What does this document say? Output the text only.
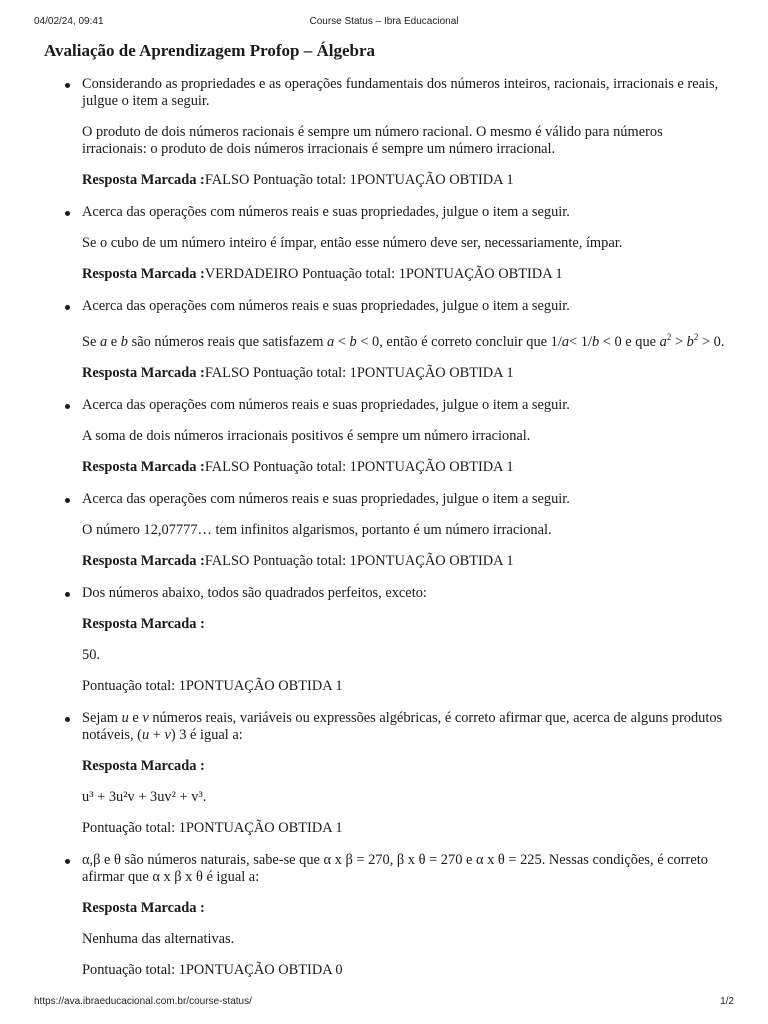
04/02/24, 09:41	Course Status – Ibra Educacional
Avaliação de Aprendizagem Profop – Álgebra

Considerando as propriedades e as operações fundamentais dos números inteiros, racionais, irracionais e reais, julgue o item a seguir.

O produto de dois números racionais é sempre um número racional. O mesmo é válido para números irracionais: o produto de dois números irracionais é sempre um número irracional.

Resposta Marcada :FALSO Pontuação total: 1PONTUAÇÃO OBTIDA 1

Acerca das operações com números reais e suas propriedades, julgue o item a seguir.

Se o cubo de um número inteiro é ímpar, então esse número deve ser, necessariamente, ímpar.

Resposta Marcada :VERDADEIRO Pontuação total: 1PONTUAÇÃO OBTIDA 1

Acerca das operações com números reais e suas propriedades, julgue o item a seguir.

Se a e b são números reais que satisfazem a < b < 0, então é correto concluir que 1/a< 1/b < 0 e que $a^2 > b^2 > 0$.

Resposta Marcada :FALSO Pontuação total: 1PONTUAÇÃO OBTIDA 1

Acerca das operações com números reais e suas propriedades, julgue o item a seguir.

A soma de dois números irracionais positivos é sempre um número irracional.

Resposta Marcada :FALSO Pontuação total: 1PONTUAÇÃO OBTIDA 1

Acerca das operações com números reais e suas propriedades, julgue o item a seguir.

O número 12,07777… tem infinitos algarismos, portanto é um número irracional.

Resposta Marcada :FALSO Pontuação total: 1PONTUAÇÃO OBTIDA 1

Dos números abaixo, todos são quadrados perfeitos, exceto:

Resposta Marcada :

50.

Pontuação total: 1PONTUAÇÃO OBTIDA 1

Sejam u e v números reais, variáveis ou expressões algébricas, é correto afirmar que, acerca de alguns produtos notáveis, (u + v) 3 é igual a:

Resposta Marcada :

u³ + 3u²v + 3uv² + v³.

Pontuação total: 1PONTUAÇÃO OBTIDA 1

α,β e θ são números naturais, sabe-se que α x β = 270, β x θ = 270 e α x θ = 225. Nessas condições, é correto afirmar que α x β x θ é igual a:

Resposta Marcada :

Nenhuma das alternativas.

Pontuação total: 1PONTUAÇÃO OBTIDA 0

https://ava.ibraeducacional.com.br/course-status/	1/2
